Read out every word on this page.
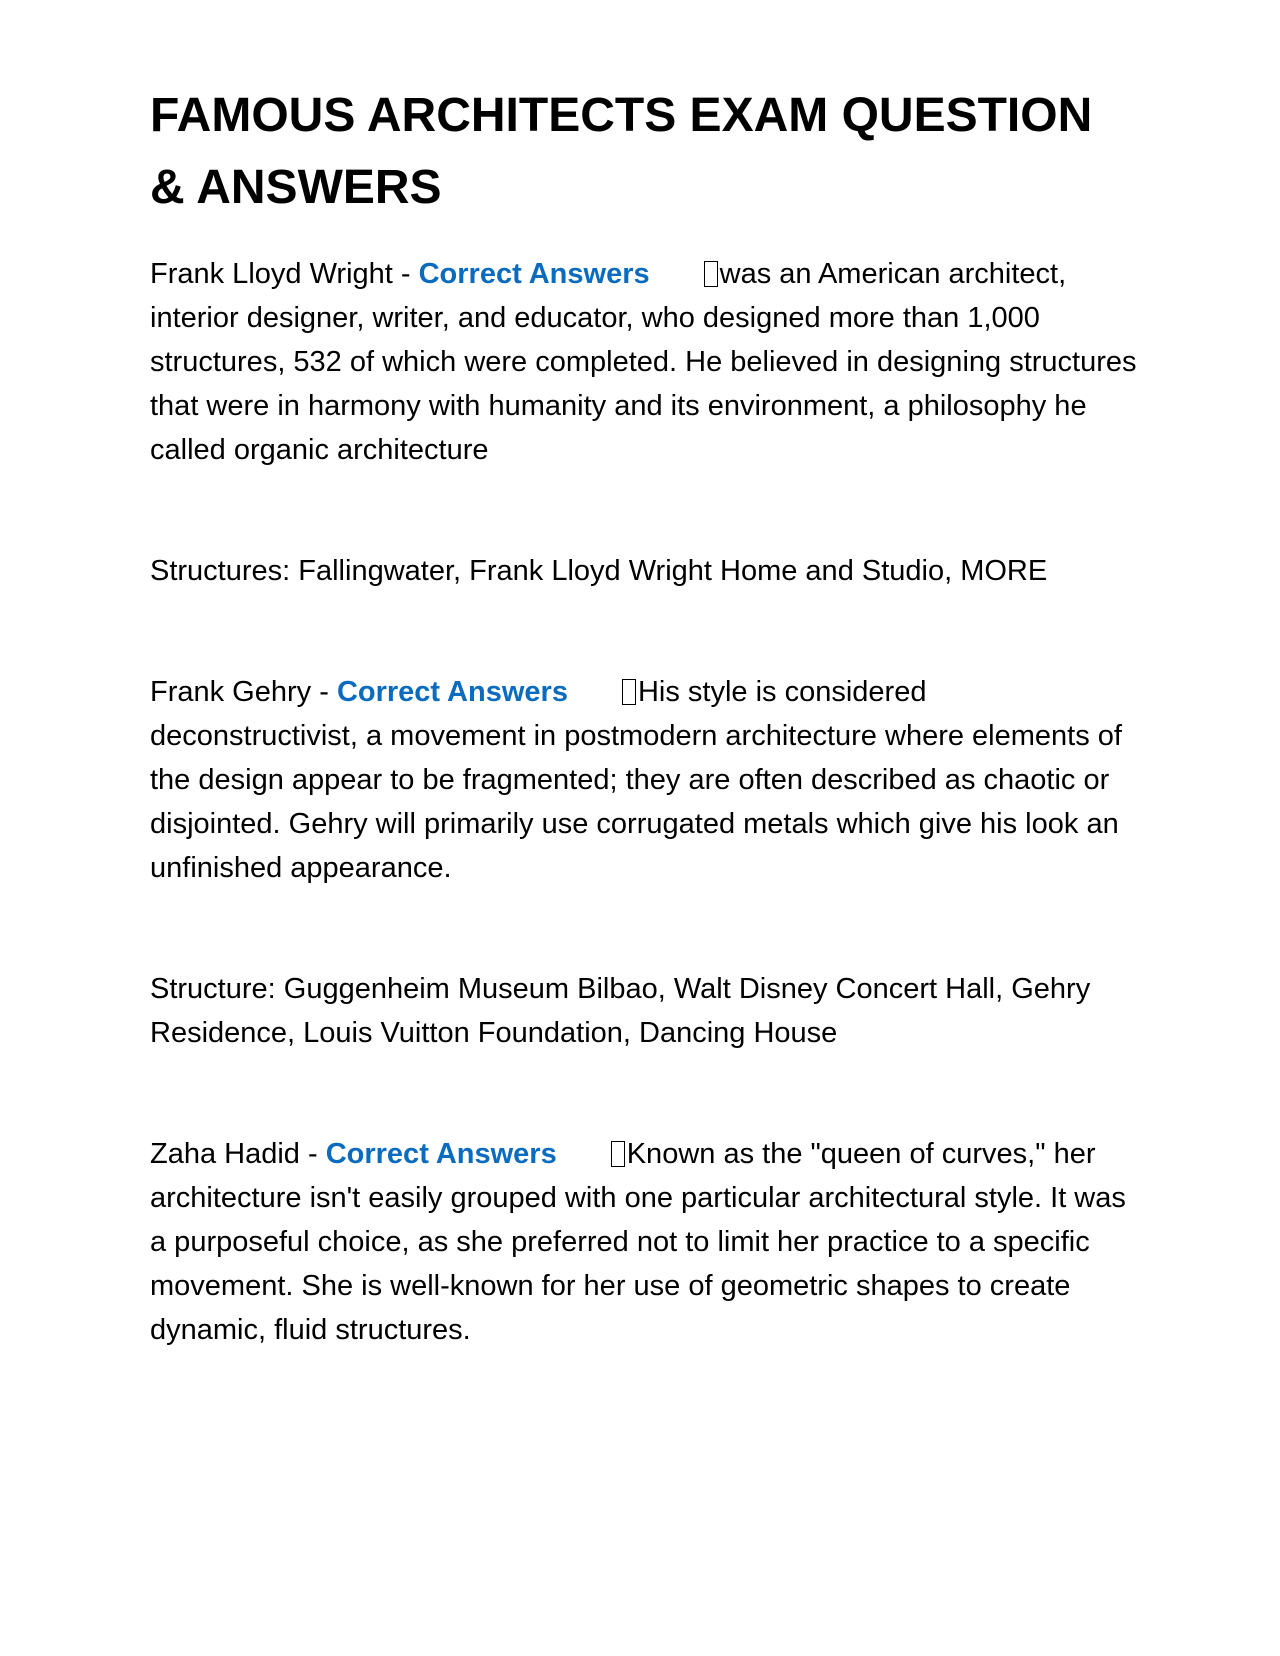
FAMOUS ARCHITECTS EXAM QUESTION & ANSWERS

Frank Lloyd Wright - Correct Answers was an American architect, interior designer, writer, and educator, who designed more than 1,000 structures, 532 of which were completed. He believed in designing structures that were in harmony with humanity and its environment, a philosophy he called organic architecture

Structures: Fallingwater, Frank Lloyd Wright Home and Studio, MORE

Frank Gehry - Correct Answers His style is considered deconstructivist, a movement in postmodern architecture where elements of the design appear to be fragmented; they are often described as chaotic or disjointed. Gehry will primarily use corrugated metals which give his look an unfinished appearance.

Structure: Guggenheim Museum Bilbao, Walt Disney Concert Hall, Gehry Residence, Louis Vuitton Foundation, Dancing House

Zaha Hadid - Correct Answers Known as the "queen of curves," her architecture isn't easily grouped with one particular architectural style. It was a purposeful choice, as she preferred not to limit her practice to a specific movement. She is well-known for her use of geometric shapes to create dynamic, fluid structures.
